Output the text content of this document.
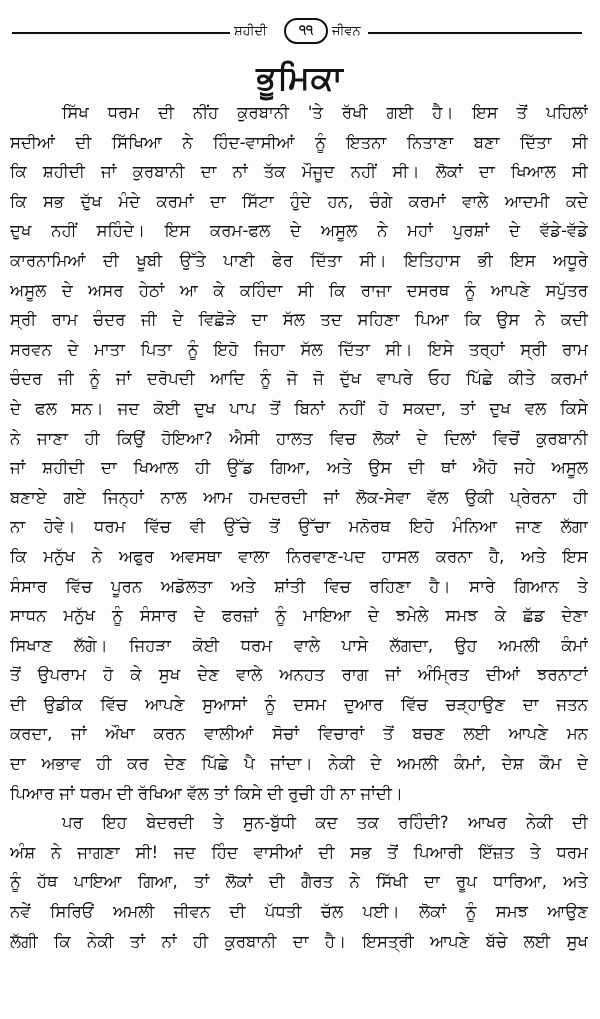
ਸ਼ਹੀਦੀ	੧੧	ਜੀਵਨ
ਭੂਮਿਕਾ
ਸਿੱਖ ਧਰਮ ਦੀ ਨੀਂਹ ਕੁਰਬਾਨੀ 'ਤੇ ਰੱਖੀ ਗਈ ਹੈ। ਇਸ ਤੋਂ ਪਹਿਲਾਂ
ਸਦੀਆਂ ਦੀ ਸਿੱਖਿਆ ਨੇ ਹਿੰਦ-ਵਾਸੀਆਂ ਨੂੰ ਇਤਨਾ ਨਿਤਾਣਾ ਬਣਾ ਦਿੱਤਾ ਸੀ
ਕਿ ਸ਼ਹੀਦੀ ਜਾਂ ਕੁਰਬਾਨੀ ਦਾ ਨਾਂ ਤੱਕ ਮੌਜੂਦ ਨਹੀਂ ਸੀ। ਲੋਕਾਂ ਦਾ ਖਿਆਲ ਸੀ
ਕਿ ਸਭ ਦੁੱਖ ਮੰਦੇ ਕਰਮਾਂ ਦਾ ਸਿੱਟਾ ਹੁੰਦੇ ਹਨ, ਚੰਗੇ ਕਰਮਾਂ ਵਾਲੇ ਆਦਮੀ ਕਦੇ
ਦੁਖ ਨਹੀਂ ਸਹਿੰਦੇ। ਇਸ ਕਰਮ-ਫਲ ਦੇ ਅਸੂਲ ਨੇ ਮਹਾਂ ਪੁਰਸ਼ਾਂ ਦੇ ਵੱਡੇ-ਵੱਡੇ
ਕਾਰਨਾਮਿਆਂ ਦੀ ਖੂਬੀ ਉੱਤੇ ਪਾਣੀ ਫੇਰ ਦਿੱਤਾ ਸੀ। ਇਤਿਹਾਸ ਭੀ ਇਸ ਅਧੂਰੇ
ਅਸੂਲ ਦੇ ਅਸਰ ਹੇਠਾਂ ਆ ਕੇ ਕਹਿੰਦਾ ਸੀ ਕਿ ਰਾਜਾ ਦਸਰਥ ਨੂੰ ਆਪਣੇ ਸਪੁੱਤਰ
ਸ੍ਰੀ ਰਾਮ ਚੰਦਰ ਜੀ ਦੇ ਵਿਛੋੜੇ ਦਾ ਸੱਲ ਤਦ ਸਹਿਣਾ ਪਿਆ ਕਿ ਉਸ ਨੇ ਕਦੀ
ਸਰਵਨ ਦੇ ਮਾਤਾ ਪਿਤਾ ਨੂੰ ਇਹੋ ਜਿਹਾ ਸੱਲ ਦਿੱਤਾ ਸੀ। ਇਸੇ ਤਰ੍ਹਾਂ ਸ੍ਰੀ ਰਾਮ
ਚੰਦਰ ਜੀ ਨੂੰ ਜਾਂ ਦਰੋਪਦੀ ਆਦਿ ਨੂੰ ਜੋ ਜੋ ਦੁੱਖ ਵਾਪਰੇ ਓਹ ਪਿੱਛੇ ਕੀਤੇ ਕਰਮਾਂ
ਦੇ ਫਲ ਸਨ। ਜਦ ਕੋਈ ਦੁਖ ਪਾਪ ਤੋਂ ਬਿਨਾਂ ਨਹੀਂ ਹੋ ਸਕਦਾ, ਤਾਂ ਦੁਖ ਵਲ ਕਿਸੇ
ਨੇ ਜਾਣਾ ਹੀ ਕਿਉਂ ਹੋਇਆ? ਐਸੀ ਹਾਲਤ ਵਿਚ ਲੋਕਾਂ ਦੇ ਦਿਲਾਂ ਵਿਚੋਂ ਕੁਰਬਾਨੀ
ਜਾਂ ਸ਼ਹੀਦੀ ਦਾ ਖਿਆਲ ਹੀ ਉੱਡ ਗਿਆ, ਅਤੇ ਉਸ ਦੀ ਥਾਂ ਐਹੋ ਜਹੇ ਅਸੂਲ
ਬਣਾਏ ਗਏ ਜਿਨ੍ਹਾਂ ਨਾਲ ਆਮ ਹਮਦਰਦੀ ਜਾਂ ਲੋਕ-ਸੇਵਾ ਵੱਲ ਉਕੀ ਪ੍ਰੇਰਨਾ ਹੀ
ਨਾ ਹੋਵੇ। ਧਰਮ ਵਿੱਚ ਵੀ ਉੱਚੇ ਤੋਂ ਉੱਚਾ ਮਨੋਰਥ ਇਹੋ ਮੰਨਿਆ ਜਾਣ ਲੱਗਾ
ਕਿ ਮਨੁੱਖ ਨੇ ਅਫੁਰ ਅਵਸਥਾ ਵਾਲਾ ਨਿਰਵਾਣ-ਪਦ ਹਾਸਲ ਕਰਨਾ ਹੈ, ਅਤੇ ਇਸ
ਸੰਸਾਰ ਵਿੱਚ ਪੂਰਨ ਅਡੋਲਤਾ ਅਤੇ ਸ਼ਾਂਤੀ ਵਿਚ ਰਹਿਣਾ ਹੈ। ਸਾਰੇ ਗਿਆਨ ਤੇ
ਸਾਧਨ ਮਨੁੱਖ ਨੂੰ ਸੰਸਾਰ ਦੇ ਫਰਜ਼ਾਂ ਨੂੰ ਮਾਇਆ ਦੇ ਝਮੇਲੇ ਸਮਝ ਕੇ ਛੱਡ ਦੇਣਾ
ਸਿਖਾਣ ਲੱਗੇ। ਜਿਹੜਾ ਕੋਈ ਧਰਮ ਵਾਲੇ ਪਾਸੇ ਲੱਗਦਾ, ਉਹ ਅਮਲੀ ਕੰਮਾਂ
ਤੋਂ ਉਪਰਾਮ ਹੋ ਕੇ ਸੁਖ ਦੇਣ ਵਾਲੇ ਅਨਹਤ ਰਾਗ ਜਾਂ ਅੰਮ੍ਰਿਤ ਦੀਆਂ ਝਰਨਾਟਾਂ
ਦੀ ਉਡੀਕ ਵਿੱਚ ਆਪਣੇ ਸੁਆਸਾਂ ਨੂੰ ਦਸਮ ਦੁਆਰ ਵਿੱਚ ਚੜ੍ਹਾਉਣ ਦਾ ਜਤਨ
ਕਰਦਾ, ਜਾਂ ਔਖਾ ਕਰਨ ਵਾਲੀਆਂ ਸੋਚਾਂ ਵਿਚਾਰਾਂ ਤੋਂ ਬਚਣ ਲਈ ਆਪਣੇ ਮਨ
ਦਾ ਅਭਾਵ ਹੀ ਕਰ ਦੇਣ ਪਿੱਛੇ ਪੈ ਜਾਂਦਾ। ਨੇਕੀ ਦੇ ਅਮਲੀ ਕੰਮਾਂ, ਦੇਸ਼ ਕੌਮ ਦੇ
ਪਿਆਰ ਜਾਂ ਧਰਮ ਦੀ ਰੱਖਿਆ ਵੱਲ ਤਾਂ ਕਿਸੇ ਦੀ ਰੁਚੀ ਹੀ ਨਾ ਜਾਂਦੀ।
ਪਰ ਇਹ ਬੇਦਰਦੀ ਤੇ ਸੁਨ-ਬੁੱਧੀ ਕਦ ਤਕ ਰਹਿੰਦੀ? ਆਖਰ ਨੇਕੀ ਦੀ
ਅੰਸ਼ ਨੇ ਜਾਗਣਾ ਸੀ! ਜਦ ਹਿੰਦ ਵਾਸੀਆਂ ਦੀ ਸਭ ਤੋਂ ਪਿਆਰੀ ਇੱਜ਼ਤ ਤੇ ਧਰਮ
ਨੂੰ ਹੱਥ ਪਾਇਆ ਗਿਆ, ਤਾਂ ਲੋਕਾਂ ਦੀ ਗੈਰਤ ਨੇ ਸਿੱਖੀ ਦਾ ਰੂਪ ਧਾਰਿਆ, ਅਤੇ
ਨਵੇਂ ਸਿਰਿਓਂ ਅਮਲੀ ਜੀਵਨ ਦੀ ਪੱਧਤੀ ਚੱਲ ਪਈ। ਲੋਕਾਂ ਨੂੰ ਸਮਝ ਆਉਣ
ਲੱਗੀ ਕਿ ਨੇਕੀ ਤਾਂ ਨਾਂ ਹੀ ਕੁਰਬਾਨੀ ਦਾ ਹੈ। ਇਸਤ੍ਰੀ ਆਪਣੇ ਬੱਚੇ ਲਈ ਸੁਖ
